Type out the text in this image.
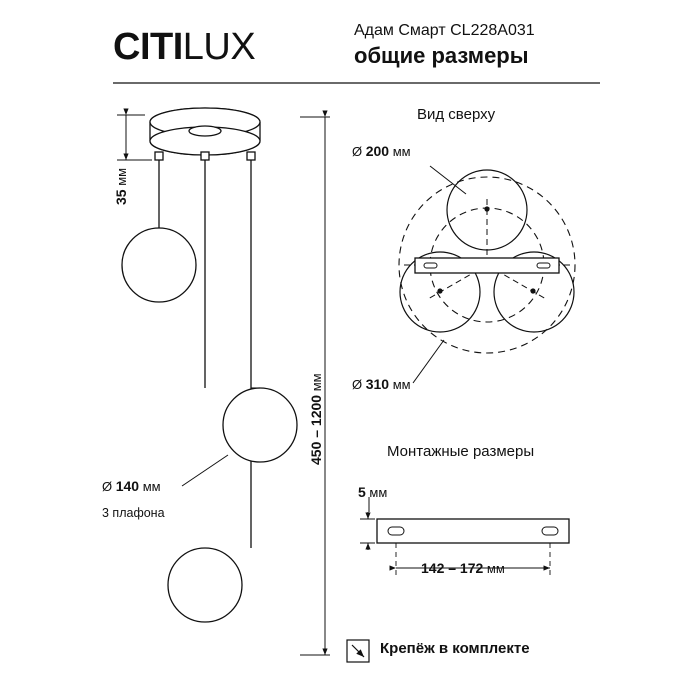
CITILUX	Адам Смарт CL228A031
общие размеры
Вид сверху
Монтажные размеры
35 мм
450 – 1200 мм
Ø 140 мм
3 плафона
Ø 200 мм
Ø 310 мм
5 мм
142 – 172 мм
Крепёж в комплекте
